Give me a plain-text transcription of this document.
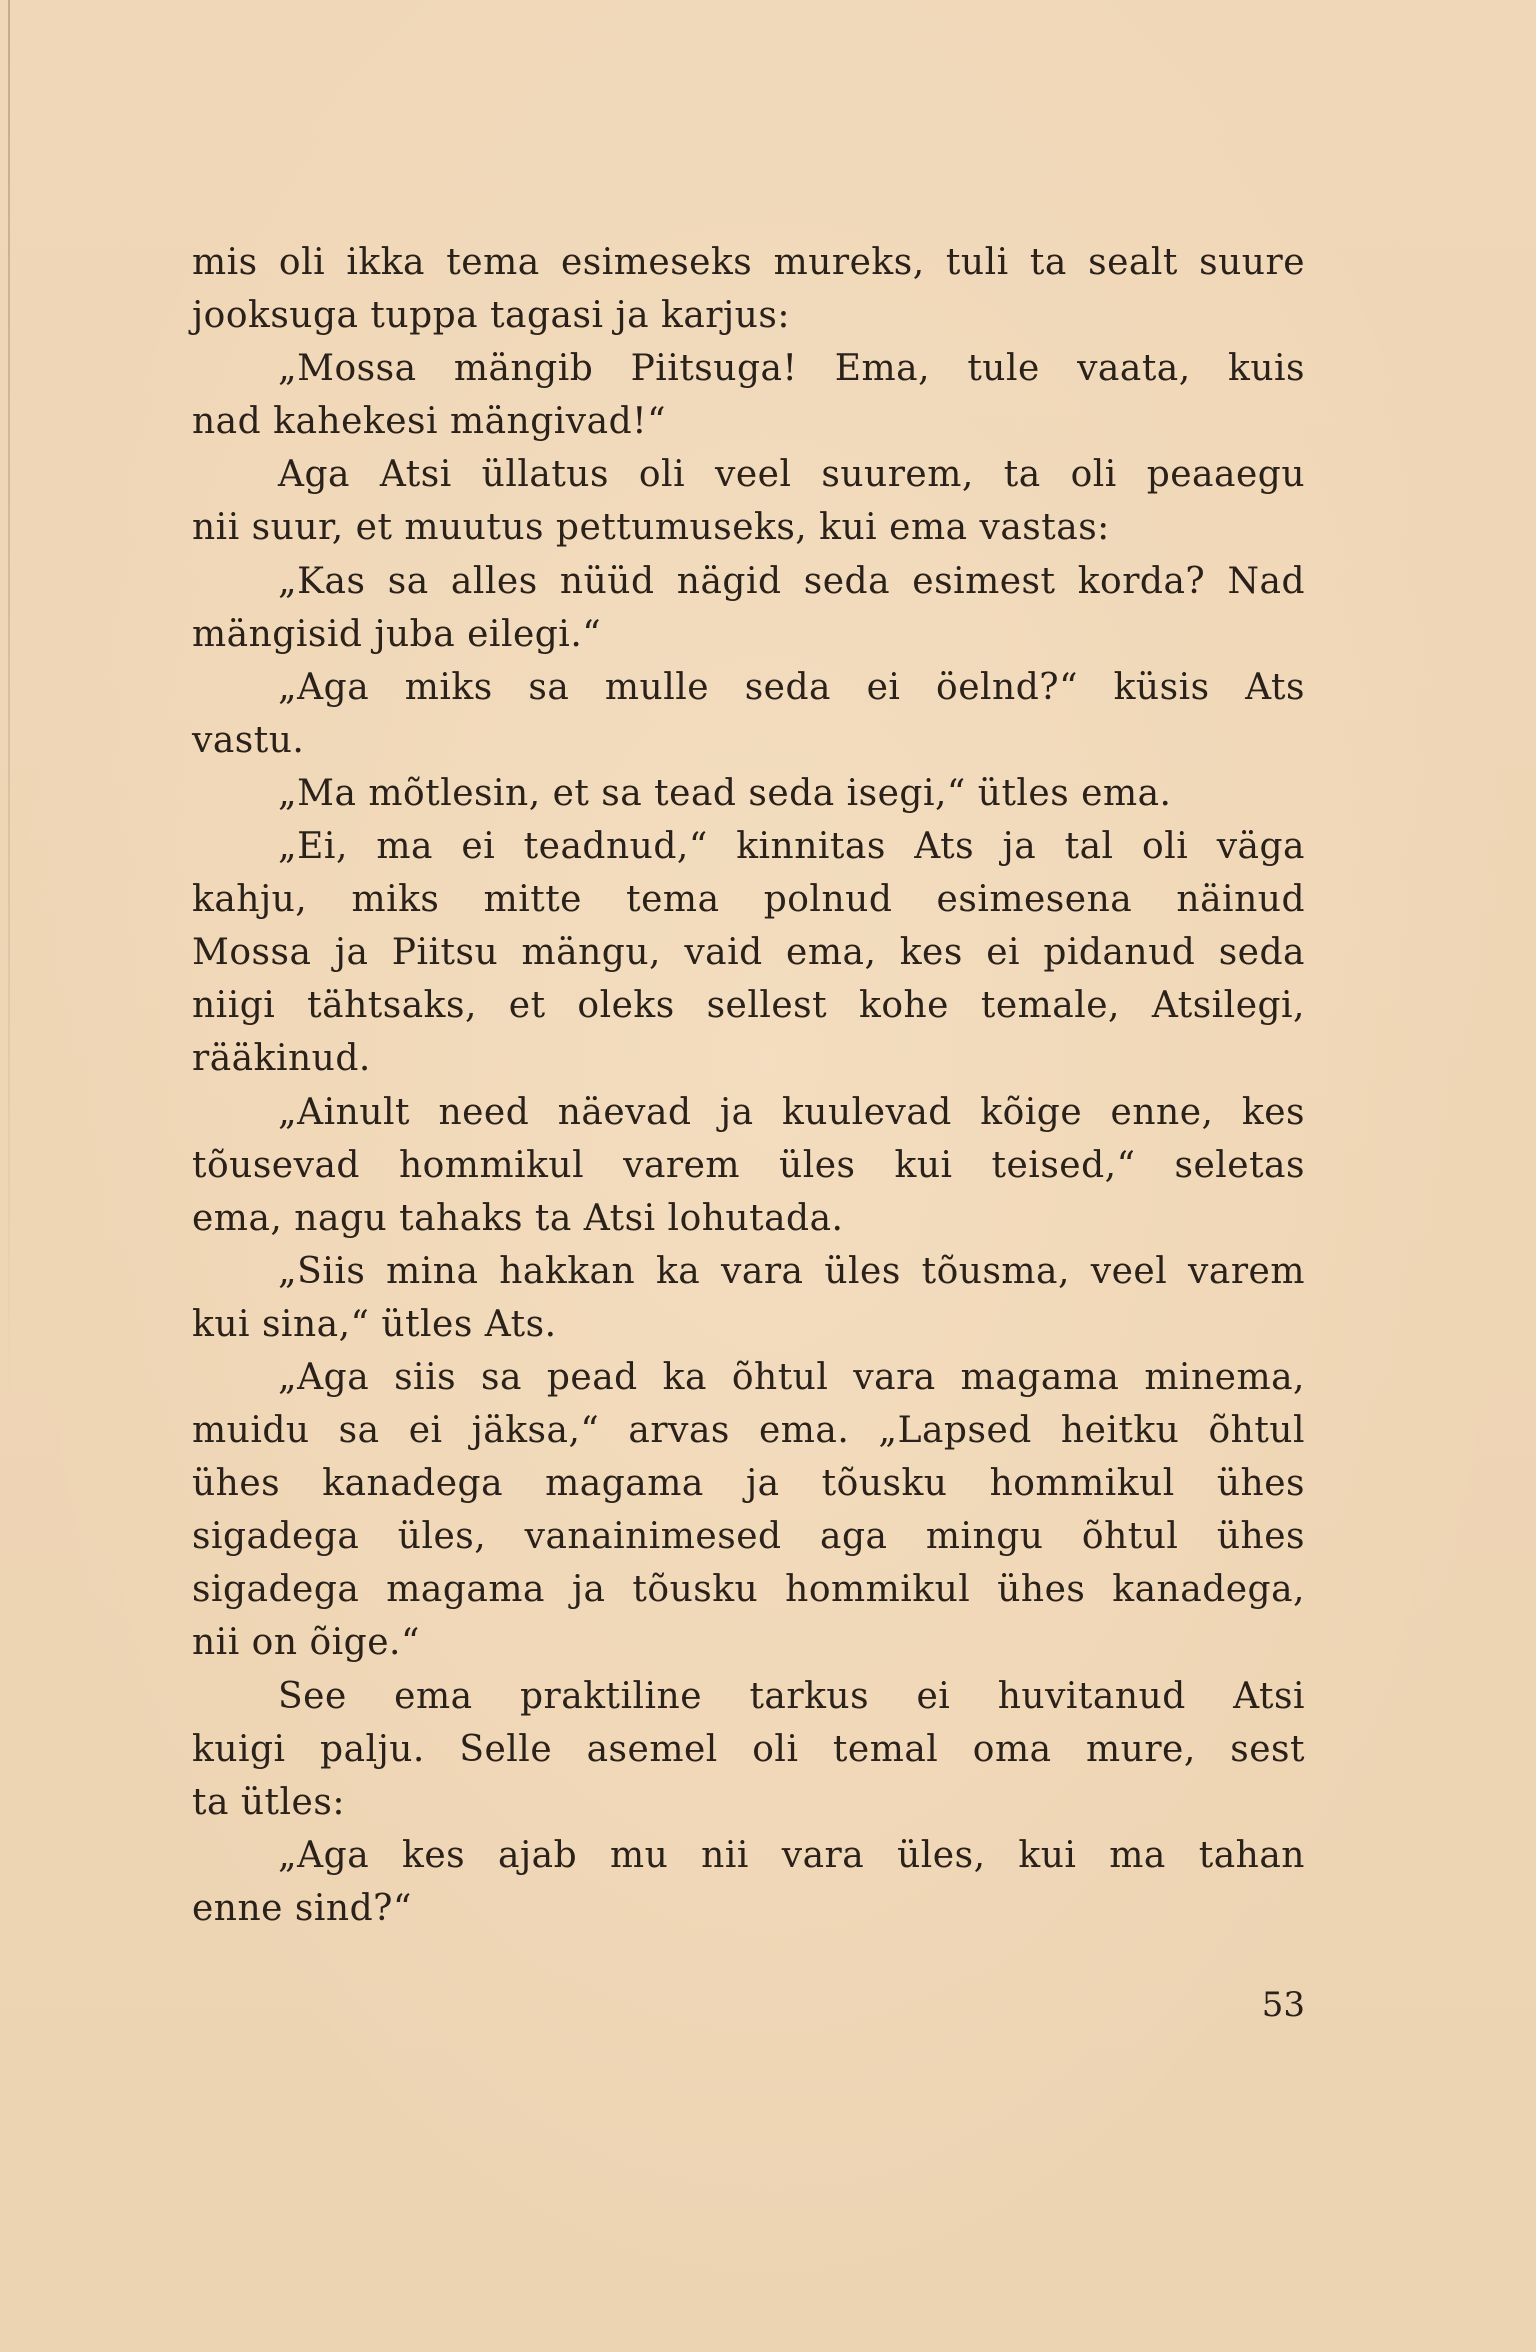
mis oli ikka tema esimeseks mureks, tuli ta sealt suure
jooksuga tuppa tagasi ja karjus:
„Mossa mängib Piitsuga! Ema, tule vaata, kuis
nad kahekesi mängivad!“
Aga Atsi üllatus oli veel suurem, ta oli peaaegu
nii suur, et muutus pettumuseks, kui ema vastas:
„Kas sa alles nüüd nägid seda esimest korda? Nad
mängisid juba eilegi.“
„Aga miks sa mulle seda ei öelnd?“ küsis Ats
vastu.
„Ma mõtlesin, et sa tead seda isegi,“ ütles ema.
„Ei, ma ei teadnud,“ kinnitas Ats ja tal oli väga
kahju, miks mitte tema polnud esimesena näinud
Mossa ja Piitsu mängu, vaid ema, kes ei pidanud seda
niigi tähtsaks, et oleks sellest kohe temale, Atsilegi,
rääkinud.
„Ainult need näevad ja kuulevad kõige enne, kes
tõusevad hommikul varem üles kui teised,“ seletas
ema, nagu tahaks ta Atsi lohutada.
„Siis mina hakkan ka vara üles tõusma, veel varem
kui sina,“ ütles Ats.
„Aga siis sa pead ka õhtul vara magama minema,
muidu sa ei jäksa,“ arvas ema. „Lapsed heitku õhtul
ühes kanadega magama ja tõusku hommikul ühes
sigadega üles, vanainimesed aga mingu õhtul ühes
sigadega magama ja tõusku hommikul ühes kanadega,
nii on õige.“
See ema praktiline tarkus ei huvitanud Atsi
kuigi palju. Selle asemel oli temal oma mure, sest
ta ütles:
„Aga kes ajab mu nii vara üles, kui ma tahan
enne sind?“
53
